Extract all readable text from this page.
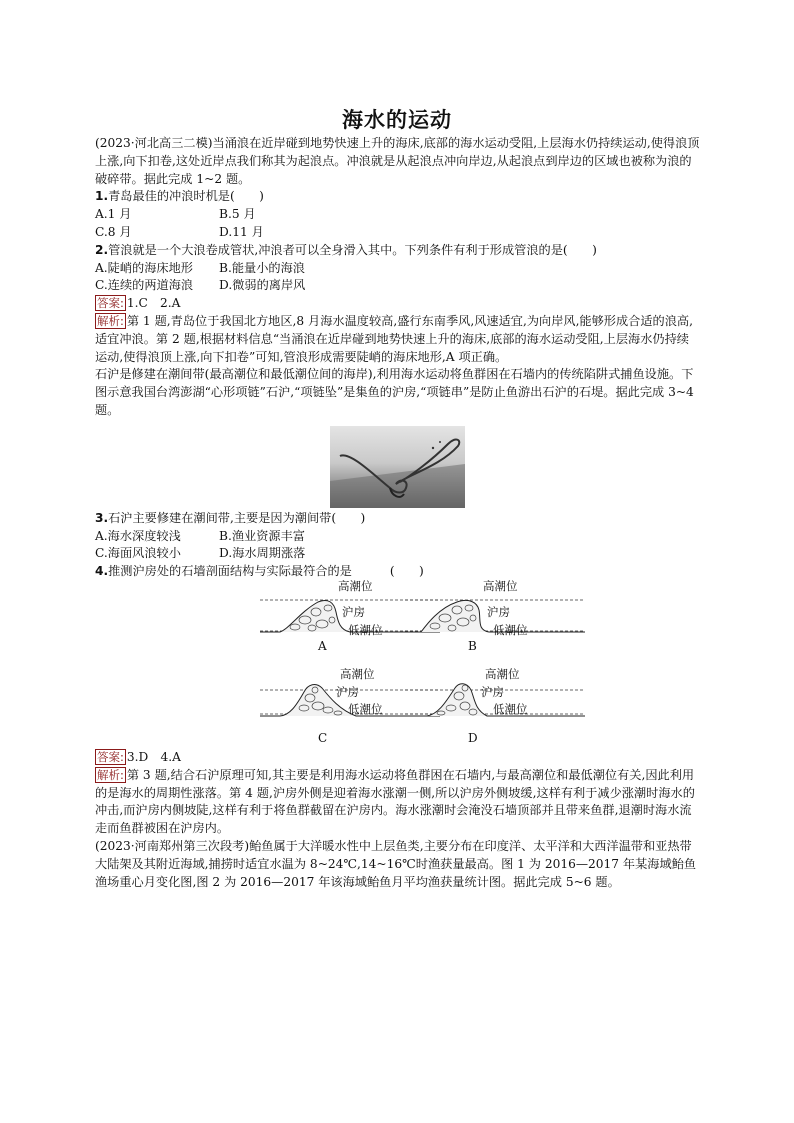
海水的运动

(2023·河北高三二模)当涌浪在近岸碰到地势快速上升的海床,底部的海水运动受阻,上层海水仍持续运动,使得浪顶上涨,向下扣卷,这处近岸点我们称其为起浪点。冲浪就是从起浪点冲向岸边,从起浪点到岸边的区域也被称为浪的破碎带。据此完成 1~2 题。

1.青岛最佳的冲浪时机是(　　)
A.1 月	B.5 月
C.8 月	D.11 月
2.管浪就是一个大浪卷成管状,冲浪者可以全身滑入其中。下列条件有利于形成管浪的是(　　)
A.陡峭的海床地形	B.能量小的海浪
C.连续的两道海浪	D.微弱的离岸风

答案: 1.C　2.A

解析: 第 1 题,青岛位于我国北方地区,8 月海水温度较高,盛行东南季风,风速适宜,为向岸风,能够形成合适的浪高,适宜冲浪。第 2 题,根据材料信息“当涌浪在近岸碰到地势快速上升的海床,底部的海水运动受阻,上层海水仍持续运动,使得浪顶上涨,向下扣卷”可知,管浪形成需要陡峭的海床地形,A 项正确。

石沪是修建在潮间带(最高潮位和最低潮位间的海岸),利用海水运动将鱼群困在石墙内的传统陷阱式捕鱼设施。下图示意我国台湾澎湖“心形项链”石沪,“项链坠”是集鱼的沪房,“项链串”是防止鱼游出石沪的石堤。据此完成 3~4 题。

3.石沪主要修建在潮间带,主要是因为潮间带(　　)
A.海水深度较浅	B.渔业资源丰富
C.海面风浪较小	D.海水周期涨落
4.推测沪房处的石墙剖面结构与实际最符合的是	(　　)
高潮位
沪房
低潮位
A
高潮位
沪房
低潮位
B
高潮位
沪房
低潮位
C
高潮位
沪房
低潮位
D

答案: 3.D　4.A

解析: 第 3 题,结合石沪原理可知,其主要是利用海水运动将鱼群困在石墙内,与最高潮位和最低潮位有关,因此利用的是海水的周期性涨落。第 4 题,沪房外侧是迎着海水涨潮一侧,所以沪房外侧坡缓,这样有利于减少涨潮时海水的冲击,而沪房内侧坡陡,这样有利于将鱼群截留在沪房内。海水涨潮时会淹没石墙顶部并且带来鱼群,退潮时海水流走而鱼群被困在沪房内。

(2023·河南郑州第三次段考)鲐鱼属于大洋暖水性中上层鱼类,主要分布在印度洋、太平洋和大西洋温带和亚热带大陆架及其附近海域,捕捞时适宜水温为 8~24℃,14~16℃时渔获量最高。图 1 为 2016—2017 年某海域鲐鱼渔场重心月变化图,图 2 为 2016—2017 年该海域鲐鱼月平均渔获量统计图。据此完成 5~6 题。
